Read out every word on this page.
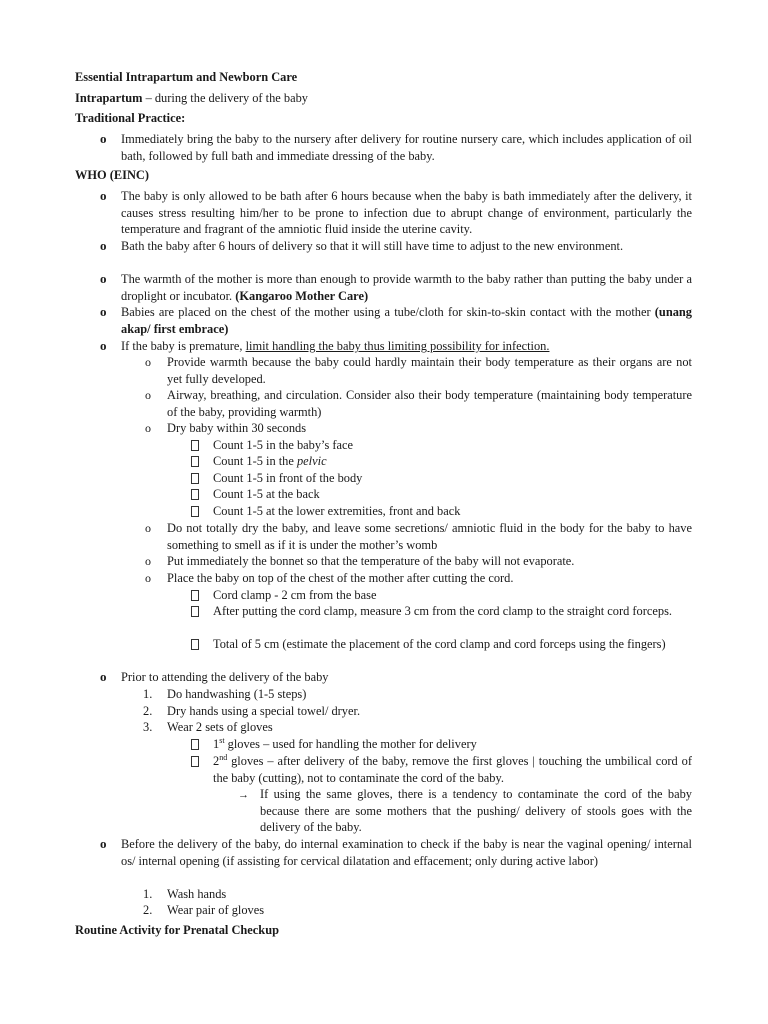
Essential Intrapartum and Newborn Care
Intrapartum – during the delivery of the baby
Traditional Practice:
o Immediately bring the baby to the nursery after delivery for routine nursery care, which includes application of oil bath, followed by full bath and immediate dressing of the baby.
WHO (EINC)
o The baby is only allowed to be bath after 6 hours because when the baby is bath immediately after the delivery, it causes stress resulting him/her to be prone to infection due to abrupt change of environment, particularly the temperature and fragrant of the amniotic fluid inside the uterine cavity.
o Bath the baby after 6 hours of delivery so that it will still have time to adjust to the new environment.
o The warmth of the mother is more than enough to provide warmth to the baby rather than putting the baby under a droplight or incubator. (Kangaroo Mother Care)
o Babies are placed on the chest of the mother using a tube/cloth for skin-to-skin contact with the mother (unang akap/ first embrace)
o If the baby is premature, limit handling the baby thus limiting possibility for infection.
o Provide warmth because the baby could hardly maintain their body temperature as their organs are not yet fully developed.
o Airway, breathing, and circulation. Consider also their body temperature (maintaining body temperature of the baby, providing warmth)
o Dry baby within 30 seconds
Count 1-5 in the baby’s face
Count 1-5 in the pelvic
Count 1-5 in front of the body
Count 1-5 at the back
Count 1-5 at the lower extremities, front and back
o Do not totally dry the baby, and leave some secretions/ amniotic fluid in the body for the baby to have something to smell as if it is under the mother’s womb
o Put immediately the bonnet so that the temperature of the baby will not evaporate.
o Place the baby on top of the chest of the mother after cutting the cord.
Cord clamp - 2 cm from the base
After putting the cord clamp, measure 3 cm from the cord clamp to the straight cord forceps.
Total of 5 cm (estimate the placement of the cord clamp and cord forceps using the fingers)
o Prior to attending the delivery of the baby
1. Do handwashing (1-5 steps)
2. Dry hands using a special towel/ dryer.
3. Wear 2 sets of gloves
1st gloves – used for handling the mother for delivery
2nd gloves – after delivery of the baby, remove the first gloves | touching the umbilical cord of the baby (cutting), not to contaminate the cord of the baby.
→ If using the same gloves, there is a tendency to contaminate the cord of the baby because there are some mothers that the pushing/ delivery of stools goes with the delivery of the baby.
o Before the delivery of the baby, do internal examination to check if the baby is near the vaginal opening/ internal os/ internal opening (if assisting for cervical dilatation and effacement; only during active labor)
1. Wash hands
2. Wear pair of gloves
Routine Activity for Prenatal Checkup
